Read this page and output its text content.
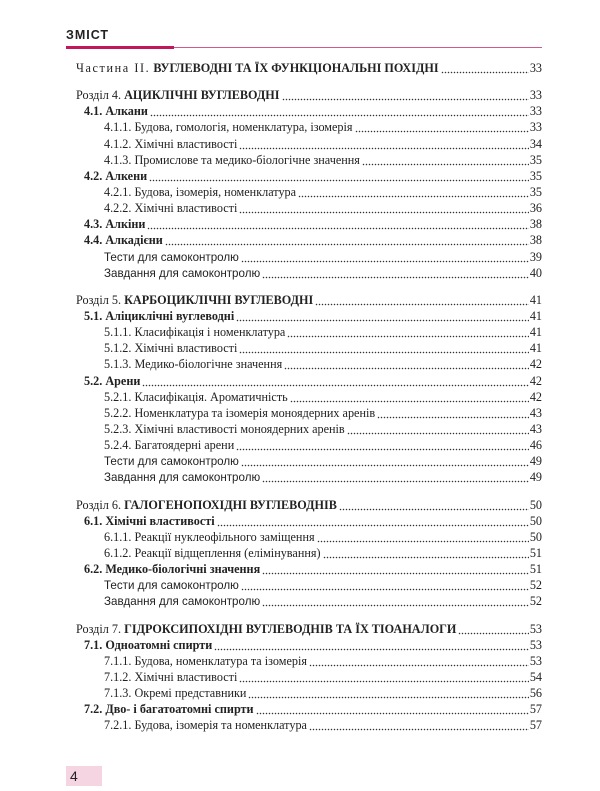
ЗМІСТ
Частина II. ВУГЛЕВОДНІ ТА ЇХ ФУНКЦІОНАЛЬНІ ПОХІДНІ	33
Розділ 4. АЦИКЛІЧНІ ВУГЛЕВОДНІ	33
4.1. Алкани	33
4.1.1. Будова, гомологія, номенклатура, ізомерія	33
4.1.2. Хімічні властивості	34
4.1.3. Промислове та медико-біологічне значення	35
4.2. Алкени	35
4.2.1. Будова, ізомерія, номенклатура	35
4.2.2. Хімічні властивості	36
4.3. Алкіни	38
4.4. Алкадієни	38
Тести для самоконтролю	39
Завдання для самоконтролю	40
Розділ 5. КАРБОЦИКЛІЧНІ ВУГЛЕВОДНІ	41
5.1. Аліциклічні вуглеводні	41
5.1.1. Класифікація і номенклатура	41
5.1.2. Хімічні властивості	41
5.1.3. Медико-біологічне значення	42
5.2. Арени	42
5.2.1. Класифікація. Ароматичність	42
5.2.2. Номенклатура та ізомерія моноядерних аренів	43
5.2.3. Хімічні властивості моноядерних аренів	43
5.2.4. Багатоядерні арени	46
Тести для самоконтролю	49
Завдання для самоконтролю	49
Розділ 6. ГАЛОГЕНОПОХІДНІ ВУГЛЕВОДНІВ	50
6.1. Хімічні властивості	50
6.1.1. Реакції нуклеофільного заміщення	50
6.1.2. Реакції відщеплення (елімінування)	51
6.2. Медико-біологічні значення	51
Тести для самоконтролю	52
Завдання для самоконтролю	52
Розділ 7. ГІДРОКСИПОХІДНІ ВУГЛЕВОДНІВ ТА ЇХ ТІОАНАЛОГИ	53
7.1. Одноатомні спирти	53
7.1.1. Будова, номенклатура та ізомерія	53
7.1.2. Хімічні властивості	54
7.1.3. Окремі представники	56
7.2. Дво- і багатоатомні спирти	57
7.2.1. Будова, ізомерія та номенклатура	57
4
